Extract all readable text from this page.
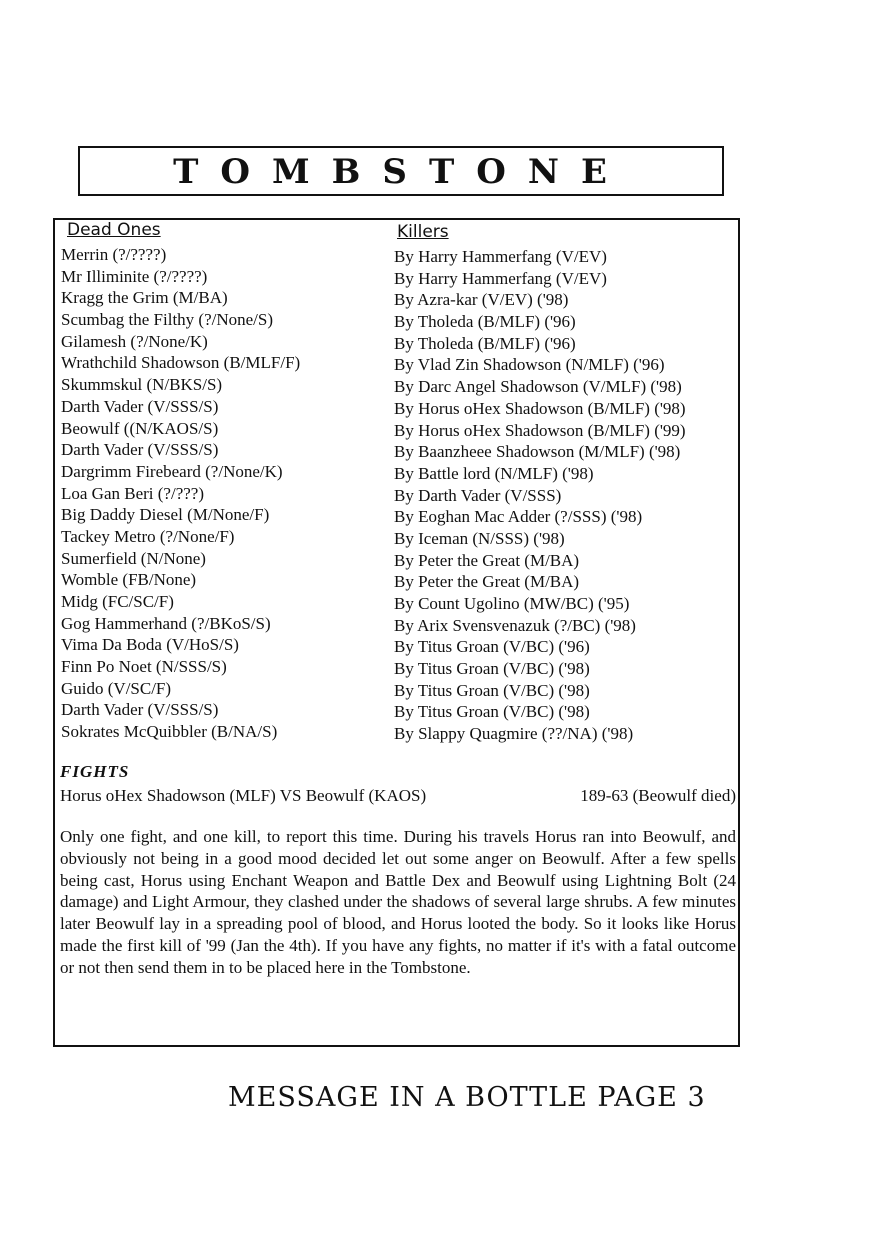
TOMBSTONE
Dead Ones	Killers
Merrin (?/????)
Mr Illiminite (?/????)
Kragg the Grim (M/BA)
Scumbag the Filthy (?/None/S)
Gilamesh (?/None/K)
Wrathchild Shadowson (B/MLF/F)
Skummskul (N/BKS/S)
Darth Vader (V/SSS/S)
Beowulf ((N/KAOS/S)
Darth Vader (V/SSS/S)
Dargrimm Firebeard (?/None/K)
Loa Gan Beri (?/???)
Big Daddy Diesel (M/None/F)
Tackey Metro (?/None/F)
Sumerfield (N/None)
Womble (FB/None)
Midg (FC/SC/F)
Gog Hammerhand (?/BKoS/S)
Vima Da Boda (V/HoS/S)
Finn Po Noet (N/SSS/S)
Guido (V/SC/F)
Darth Vader (V/SSS/S)
Sokrates McQuibbler (B/NA/S)
By Harry Hammerfang (V/EV)
By Harry Hammerfang (V/EV)
By Azra-kar (V/EV) ('98)
By Tholeda (B/MLF) ('96)
By Tholeda (B/MLF) ('96)
By Vlad Zin Shadowson (N/MLF) ('96)
By Darc Angel Shadowson (V/MLF) ('98)
By Horus oHex Shadowson (B/MLF) ('98)
By Horus oHex Shadowson (B/MLF) ('99)
By Baanzheee Shadowson (M/MLF) ('98)
By Battle lord (N/MLF) ('98)
By Darth Vader (V/SSS)
By Eoghan Mac Adder (?/SSS) ('98)
By Iceman (N/SSS) ('98)
By Peter the Great (M/BA)
By Peter the Great (M/BA)
By Count Ugolino (MW/BC) ('95)
By Arix Svensvenazuk (?/BC) ('98)
By Titus Groan (V/BC) ('96)
By Titus Groan (V/BC) ('98)
By Titus Groan (V/BC) ('98)
By Titus Groan (V/BC) ('98)
By Slappy Quagmire (??/NA) ('98)
FIGHTS
Horus oHex Shadowson (MLF) VS Beowulf (KAOS)	189-63 (Beowulf died)

Only one fight, and one kill, to report this time. During his travels Horus ran into Beowulf, and obviously not being in a good mood decided let out some anger on Beowulf. After a few spells being cast, Horus using Enchant Weapon and Battle Dex and Beowulf using Lightning Bolt (24 damage) and Light Armour, they clashed under the shadows of several large shrubs. A few minutes later Beowulf lay in a spreading pool of blood, and Horus looted the body. So it looks like Horus made the first kill of '99 (Jan the 4th). If you have any fights, no matter if it's with a fatal outcome or not then send them in to be placed here in the Tombstone.

MESSAGE IN A BOTTLE PAGE 3
